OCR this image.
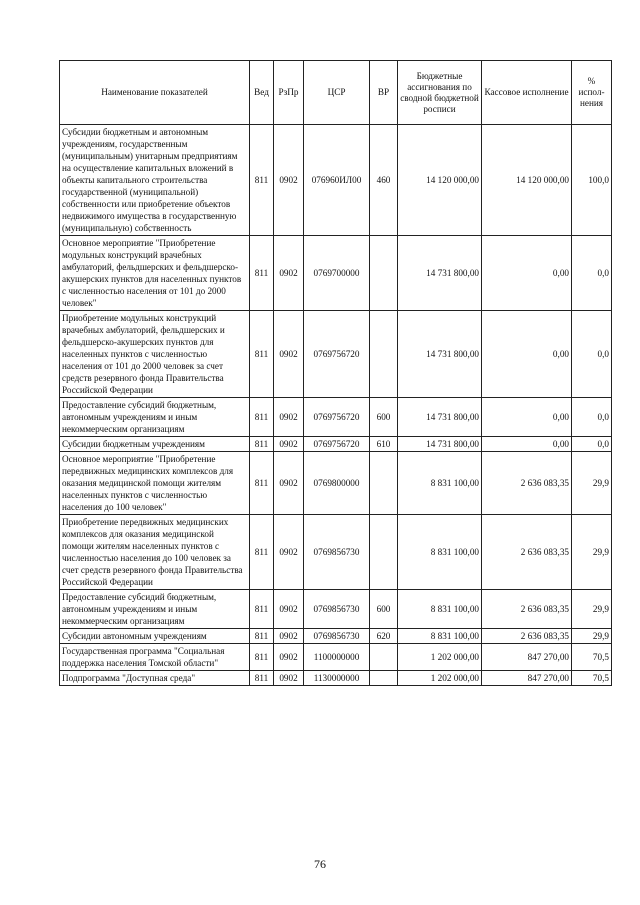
Наименование показателей	Вед	РзПр	ЦСР	ВР	Бюджетные ассигнования по сводной бюджетной росписи	Кассовое исполнение	% испол-нения
Субсидии бюджетным и автономным учреждениям, государственным (муниципальным) унитарным предприятиям на осуществление капитальных вложений в объекты капитального строительства государственной (муниципальной) собственности или приобретение объектов недвижимого имущества в государственную (муниципальную) собственность	811	0902	076960ИЛ00	460	14 120 000,00	14 120 000,00	100,0
Основное мероприятие "Приобретение модульных конструкций врачебных амбулаторий, фельдшерских и фельдшерско-акушерских пунктов для населенных пунктов с численностью населения от 101 до 2000 человек"	811	0902	0769700000		14 731 800,00	0,00	0,0
Приобретение модульных конструкций врачебных амбулаторий, фельдшерских и фельдшерско-акушерских пунктов для населенных пунктов с численностью населения от 101 до 2000 человек за счет средств резервного фонда Правительства Российской Федерации	811	0902	0769756720		14 731 800,00	0,00	0,0
Предоставление субсидий бюджетным, автономным учреждениям и иным некоммерческим организациям	811	0902	0769756720	600	14 731 800,00	0,00	0,0
Субсидии бюджетным учреждениям	811	0902	0769756720	610	14 731 800,00	0,00	0,0
Основное мероприятие "Приобретение передвижных медицинских комплексов для оказания медицинской помощи жителям населенных пунктов с численностью населения до 100 человек"	811	0902	0769800000		8 831 100,00	2 636 083,35	29,9
Приобретение передвижных медицинских комплексов для оказания медицинской помощи жителям населенных пунктов с численностью населения до 100 человек за счет средств резервного фонда Правительства Российской Федерации	811	0902	0769856730		8 831 100,00	2 636 083,35	29,9
Предоставление субсидий бюджетным, автономным учреждениям и иным некоммерческим организациям	811	0902	0769856730	600	8 831 100,00	2 636 083,35	29,9
Субсидии автономным учреждениям	811	0902	0769856730	620	8 831 100,00	2 636 083,35	29,9
Государственная программа "Социальная поддержка населения Томской области"	811	0902	1100000000		1 202 000,00	847 270,00	70,5
Подпрограмма "Доступная среда"	811	0902	1130000000		1 202 000,00	847 270,00	70,5
76
